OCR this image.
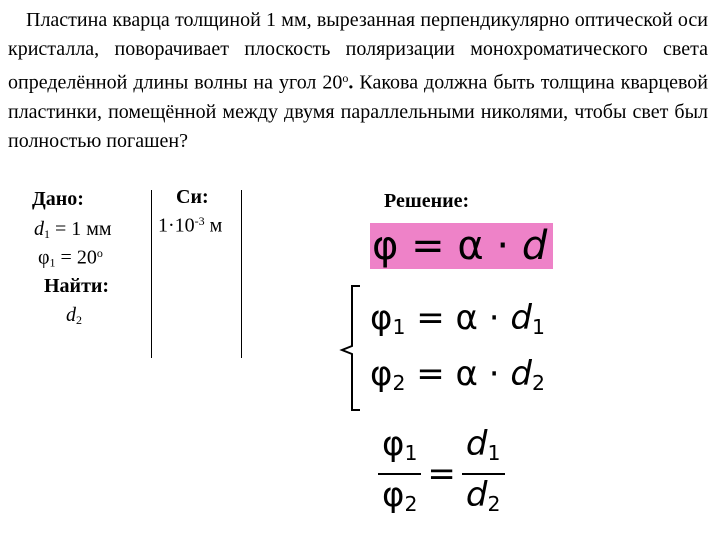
Пластина кварца толщиной 1 мм, вырезанная перпендикулярно оптической оси кристалла, поворачивает плоскость поляризации монохроматического света определённой длины волны на угол $20^о$. Какова должна быть толщина кварцевой пластинки, помещённой между двумя параллельными николями, чтобы свет был полностью погашен?

Дано:
$d_1 = 1$ мм
$\varphi_1 = 20^о$
Найти:
$d_2$
Си:
$1\cdot 10^{-3}$ м
Решение:
φ = α · d
$\varphi_1 = \alpha \cdot d_1$
$\varphi_2 = \alpha \cdot d_2$
$\varphi_1$
$\varphi_2$
=
$d_1$
$d_2$
